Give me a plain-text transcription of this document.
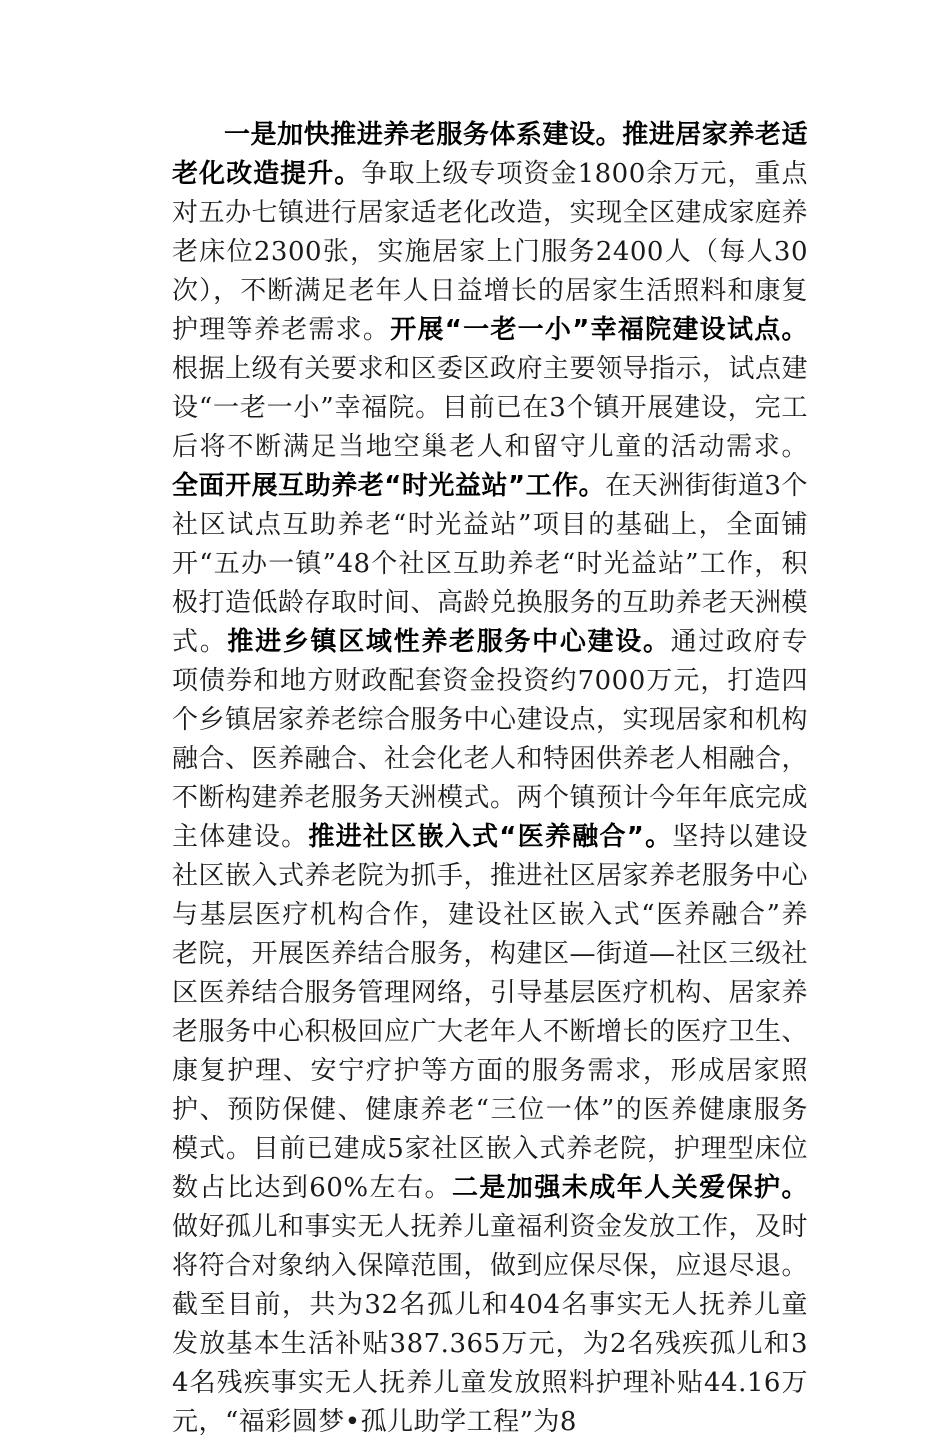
一是加快推进养老服务体系建设。推进居家养老适老化改造提升。争取上级专项资金1800余万元，重点对五办七镇进行居家适老化改造，实现全区建成家庭养老床位2300张，实施居家上门服务2400人（每人30次），不断满足老年人日益增长的居家生活照料和康复护理等养老需求。开展“一老一小”幸福院建设试点。根据上级有关要求和区委区政府主要领导指示，试点建设“一老一小”幸福院。目前已在3个镇开展建设，完工后将不断满足当地空巢老人和留守儿童的活动需求。全面开展互助养老“时光益站”工作。在天洲街街道3个社区试点互助养老“时光益站”项目的基础上，全面铺开“五办一镇”48个社区互助养老“时光益站”工作，积极打造低龄存取时间、高龄兑换服务的互助养老天洲模式。推进乡镇区域性养老服务中心建设。通过政府专项债券和地方财政配套资金投资约7000万元，打造四个乡镇居家养老综合服务中心建设点，实现居家和机构融合、医养融合、社会化老人和特困供养老人相融合，不断构建养老服务天洲模式。两个镇预计今年年底完成主体建设。推进社区嵌入式“医养融合”。坚持以建设社区嵌入式养老院为抓手，推进社区居家养老服务中心与基层医疗机构合作，建设社区嵌入式“医养融合”养老院，开展医养结合服务，构建区—街道—社区三级社区医养结合服务管理网络，引导基层医疗机构、居家养老服务中心积极回应广大老年人不断增长的医疗卫生、康复护理、安宁疗护等方面的服务需求，形成居家照护、预防保健、健康养老“三位一体”的医养健康服务模式。目前已建成5家社区嵌入式养老院，护理型床位数占比达到60%左右。二是加强未成年人关爱保护。做好孤儿和事实无人抚养儿童福利资金发放工作，及时将符合对象纳入保障范围，做到应保尽保，应退尽退。截至目前，共为32名孤儿和404名事实无人抚养儿童发放基本生活补贴387.365万元，为2名残疾孤儿和34名残疾事实无人抚养儿童发放照料护理补贴44.16万元，“福彩圆梦•孤儿助学工程”为8
